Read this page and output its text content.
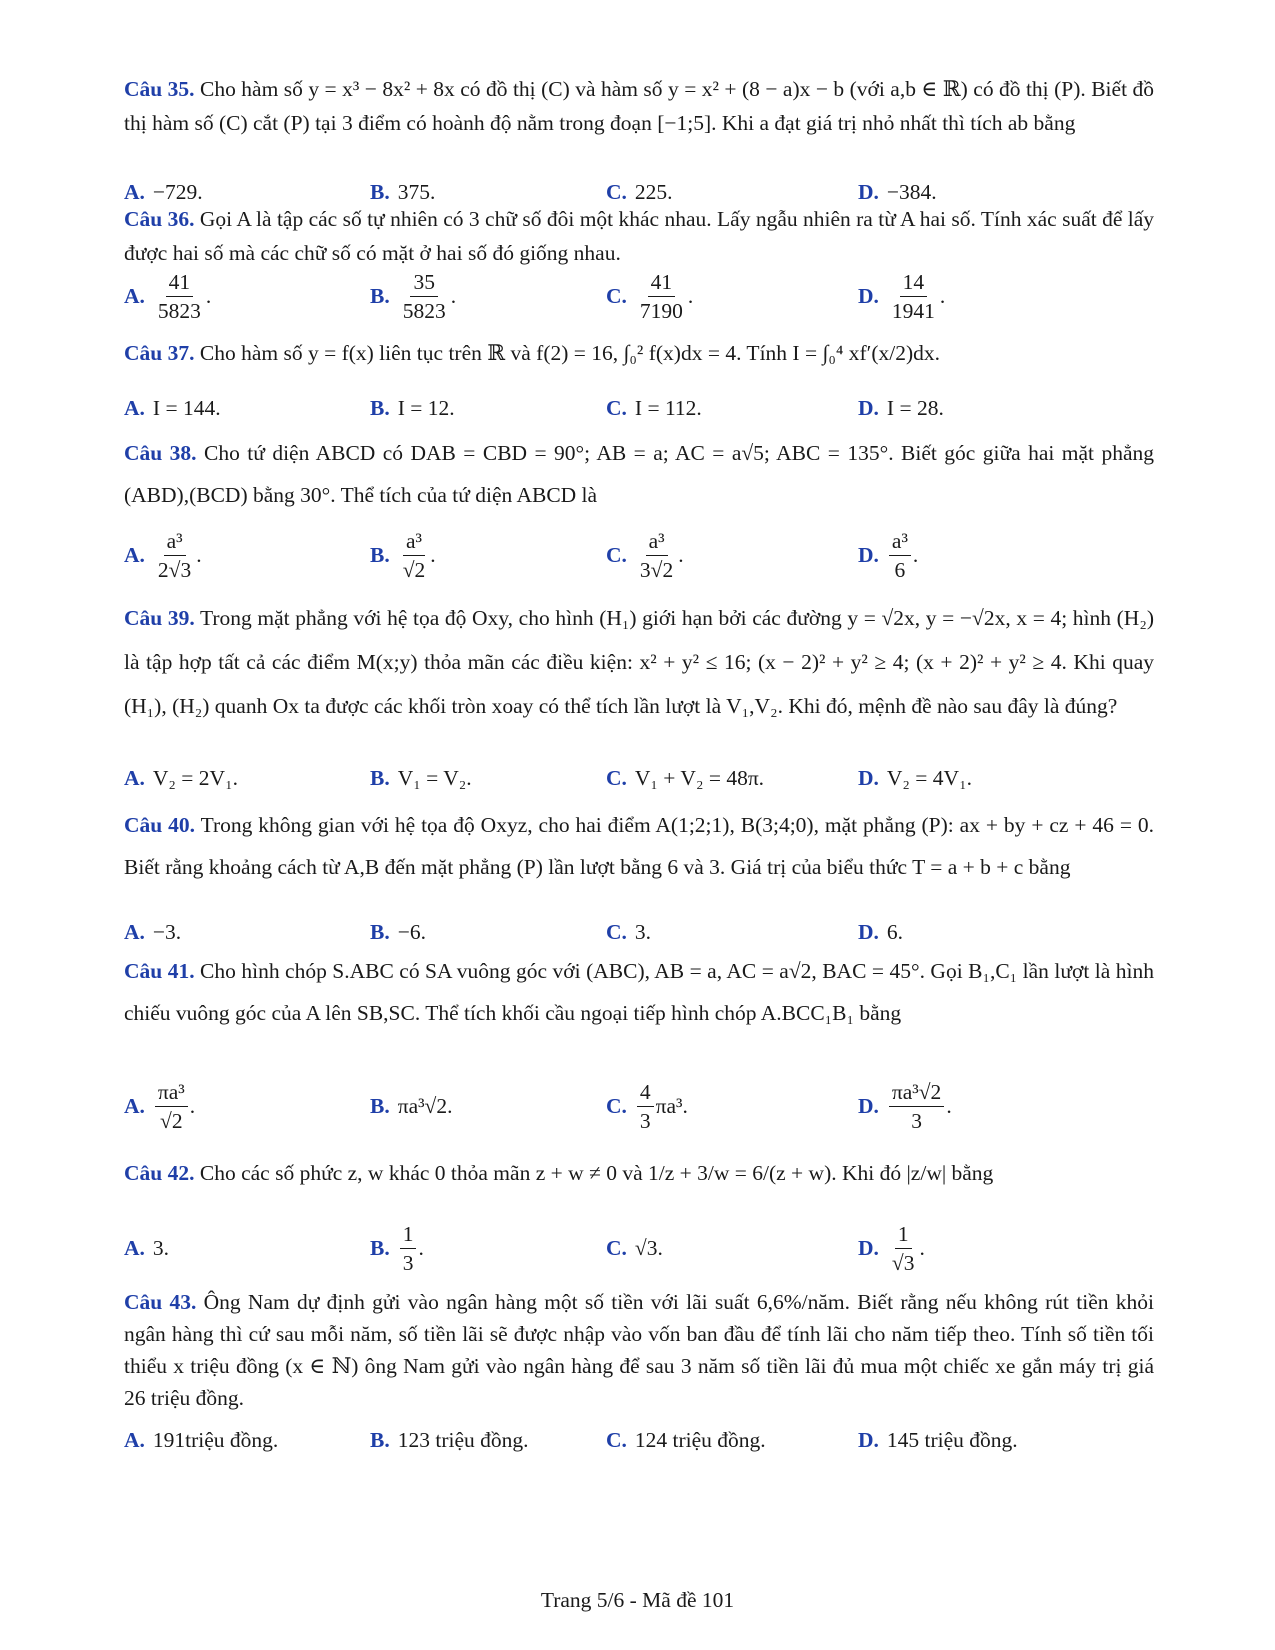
Câu 35. Cho hàm số y = x³ − 8x² + 8x có đồ thị (C) và hàm số y = x² + (8 − a)x − b (với a,b ∈ ℝ) có đồ thị (P). Biết đồ thị hàm số (C) cắt (P) tại 3 điểm có hoành độ nằm trong đoạn [−1;5]. Khi a đạt giá trị nhỏ nhất thì tích ab bằng
A. −729.	B. 375.	C. 225.	D. −384.
Câu 36. Gọi A là tập các số tự nhiên có 3 chữ số đôi một khác nhau. Lấy ngẫu nhiên ra từ A hai số. Tính xác suất để lấy được hai số mà các chữ số có mặt ở hai số đó giống nhau.
A. $\frac{41}{5823}$ .	B. $\frac{35}{5823}$ .	C. $\frac{41}{7190}$ .	D. $\frac{14}{1941}$ .
Câu 37. Cho hàm số y = f(x) liên tục trên ℝ và f(2) = 16, ∫₀² f(x)dx = 4. Tính I = ∫₀⁴ xf′(x/2)dx.
A. I = 144.	B. I = 12.	C. I = 112.	D. I = 28.
Câu 38. Cho tứ diện ABCD có DAB = CBD = 90°; AB = a; AC = a√5; ABC = 135°. Biết góc giữa hai mặt phẳng (ABD),(BCD) bằng 30°. Thể tích của tứ diện ABCD là
A. $\frac{\text{a³}}{2√3}$ .	B. $\frac{\text{a³}}{√2}$ .	C. $\frac{\text{a³}}{3√2}$ .	D. $\frac{\text{a³}}{6}$ .
Câu 39. Trong mặt phẳng với hệ tọa độ Oxy, cho hình (H₁) giới hạn bởi các đường y = √2x, y = −√2x, x = 4; hình (H₂) là tập hợp tất cả các điểm M(x;y) thỏa mãn các điều kiện: x² + y² ≤ 16; (x − 2)² + y² ≥ 4; (x + 2)² + y² ≥ 4. Khi quay (H₁), (H₂) quanh Ox ta được các khối tròn xoay có thể tích lần lượt là V₁,V₂. Khi đó, mệnh đề nào sau đây là đúng?
A. V₂ = 2V₁.	B. V₁ = V₂.	C. V₁ + V₂ = 48π.	D. V₂ = 4V₁.
Câu 40. Trong không gian với hệ tọa độ Oxyz, cho hai điểm A(1;2;1), B(3;4;0), mặt phẳng (P): ax + by + cz + 46 = 0. Biết rằng khoảng cách từ A,B đến mặt phẳng (P) lần lượt bằng 6 và 3. Giá trị của biểu thức T = a + b + c bằng
A. −3.	B. −6.	C. 3.	D. 6.
Câu 41. Cho hình chóp S.ABC có SA vuông góc với (ABC), AB = a, AC = a√2, BAC = 45°. Gọi B₁,C₁ lần lượt là hình chiếu vuông góc của A lên SB,SC. Thể tích khối cầu ngoại tiếp hình chóp A.BCC₁B₁ bằng
A. $\frac{\text{πa³}}{√2}$ .	B. πa³√2.	C. $\frac{4}{3} \pi a^3$.	D. $\frac{\text{πa³√2}}{3}$ .
Câu 42. Cho các số phức z, w khác 0 thỏa mãn z + w ≠ 0 và 1/z + 3/w = 6/(z + w). Khi đó |z/w| bằng
A. 3.	B. $\frac{1}{3}$ .	C. √3.	D. $\frac{1}{√3}$ .
Câu 43. Ông Nam dự định gửi vào ngân hàng một số tiền với lãi suất 6,6%/năm. Biết rằng nếu không rút tiền khỏi ngân hàng thì cứ sau mỗi năm, số tiền lãi sẽ được nhập vào vốn ban đầu để tính lãi cho năm tiếp theo. Tính số tiền tối thiểu x triệu đồng (x ∈ ℕ) ông Nam gửi vào ngân hàng để sau 3 năm số tiền lãi đủ mua một chiếc xe gắn máy trị giá 26 triệu đồng.
A. 191triệu đồng.	B. 123 triệu đồng.	C. 124 triệu đồng.	D. 145 triệu đồng.
Trang 5/6 - Mã đề 101
